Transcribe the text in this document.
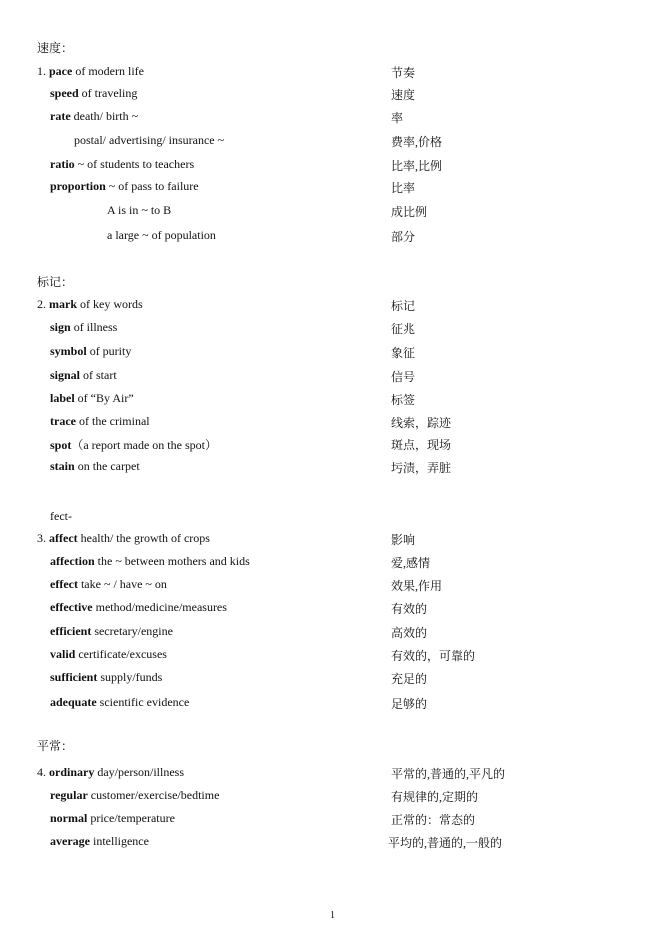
速度：
1. pace of modern life	节奏
speed of traveling	速度
rate death/ birth ~	率
postal/ advertising/ insurance ~	费率,价格
ratio ~ of students to teachers	比率,比例
proportion ~ of pass to failure	比率
A is in ~ to B	成比例
a large ~ of population	部分
标记：
2. mark of key words	标记
sign of illness	征兆
symbol of purity	象征
signal of start	信号
label of “By Air”	标签
trace of the criminal	线索，踪迹
spot（a report made on the spot）	斑点，现场
stain on the carpet	圬渍，弄脏
fect-
3. affect health/ the growth of crops	影响
affection the ~ between mothers and kids	爱,感情
effect take ~ / have ~ on	效果,作用
effective method/medicine/measures	有效的
efficient secretary/engine	高效的
valid certificate/excuses	有效的，可靠的
sufficient supply/funds	充足的
adequate scientific evidence	足够的
平常：
4. ordinary day/person/illness	平常的,普通的,平凡的
regular customer/exercise/bedtime	有规律的,定期的
normal price/temperature	正常的：常态的
average intelligence	平均的,普通的,一般的
1
